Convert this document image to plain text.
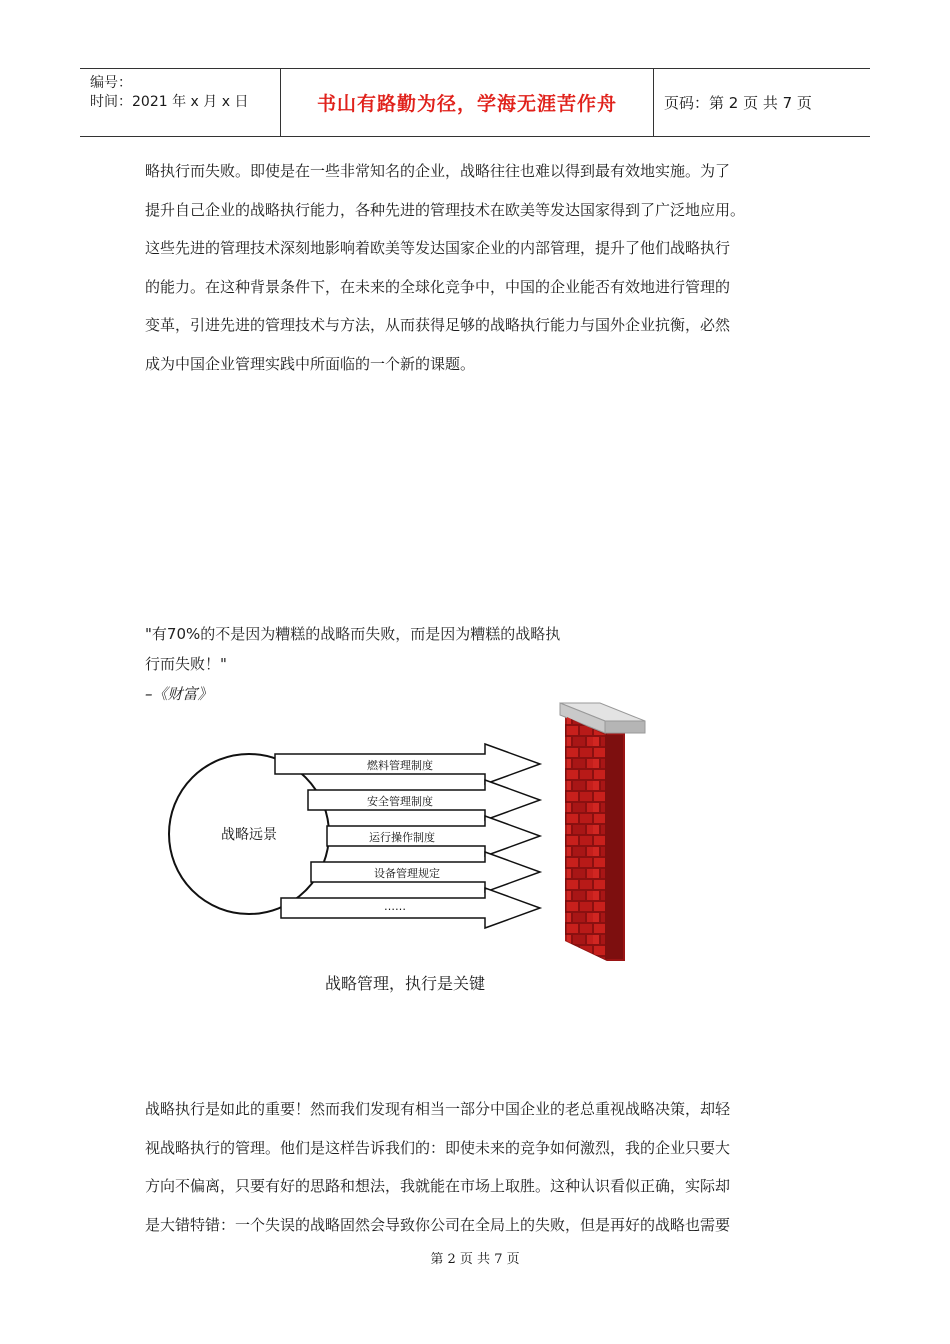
编号：
时间：2021 年 x 月 x 日	书山有路勤为径，学海无涯苦作舟	页码：第 2 页 共 7 页
略执行而失败。即使是在一些非常知名的企业，战略往往也难以得到最有效地实施。为了
提升自己企业的战略执行能力，各种先进的管理技术在欧美等发达国家得到了广泛地应用。
这些先进的管理技术深刻地影响着欧美等发达国家企业的内部管理，提升了他们战略执行
的能力。在这种背景条件下，在未来的全球化竞争中，中国的企业能否有效地进行管理的
变革，引进先进的管理技术与方法，从而获得足够的战略执行能力与国外企业抗衡，必然
成为中国企业管理实践中所面临的一个新的课题。
"有70%的不是因为糟糕的战略而失败，而是因为糟糕的战略执
行而失败！"
–《财富》
战略远景
燃料管理制度
安全管理制度
运行操作制度
设备管理规定
……
战略管理，执行是关键
战略执行是如此的重要！然而我们发现有相当一部分中国企业的老总重视战略决策，却轻
视战略执行的管理。他们是这样告诉我们的：即使未来的竞争如何激烈，我的企业只要大
方向不偏离，只要有好的思路和想法，我就能在市场上取胜。这种认识看似正确，实际却
是大错特错：一个失误的战略固然会导致你公司在全局上的失败，但是再好的战略也需要
第 2 页 共 7 页
